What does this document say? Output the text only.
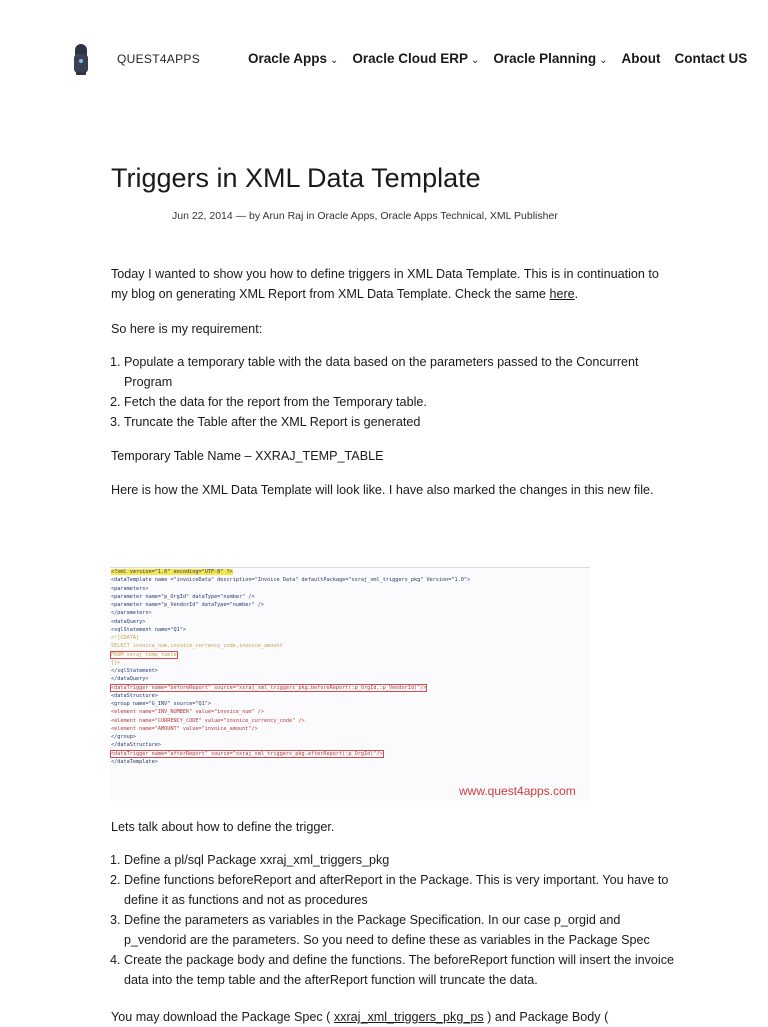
QUEST4APPS	Oracle Apps ⌄ Oracle Cloud ERP ⌄ Oracle Planning ⌄ About Contact US
Triggers in XML Data Template
Jun 22, 2014 — by Arun Raj in Oracle Apps, Oracle Apps Technical, XML Publisher

Today I wanted to show you how to define triggers in XML Data Template. This is in continuation to my blog on generating XML Report from XML Data Template. Check the same here.

So here is my requirement:

1. Populate a temporary table with the data based on the parameters passed to the Concurrent Program
2. Fetch the data for the report from the Temporary table.
3. Truncate the Table after the XML Report is generated

Temporary Table Name – XXRAJ_TEMP_TABLE

Here is how the XML Data Template will look like. I have also marked the changes in this new file.

Lets talk about how to define the trigger.

1. Define a pl/sql Package xxraj_xml_triggers_pkg
2. Define functions beforeReport and afterReport in the Package. This is very important. You have to define it as functions and not as procedures
3. Define the parameters as variables in the Package Specification. In our case p_orgid and p_vendorid are the parameters. So you need to define these as variables in the Package Spec
4. Create the package body and define the functions. The beforeReport function will insert the invoice data into the temp table and the afterReport function will truncate the data.

You may download the Package Spec ( xxraj_xml_triggers_pkg_ps ) and Package Body (

<?xml version="1.0" encoding="UTF-8" ?>
<dataTemplate name ="invoiceData" description="Invoice Data" defaultPackage="xxraj_xml_triggers_pkg" Version="1.0">
<parameters>
<parameter name="p_OrgId" dataType="number" />
<parameter name="p_VendorId" dataType="number" />
</parameters>
<dataQuery>
<sqlStatement name="Q1">
<![CDATA[
SELECT invoice_num,invoice_currency_code,invoice_amount
FROM xxraj_temp_table
]]>
</sqlStatement>
</dataQuery>
<dataTrigger name="beforeReport" source="xxraj_xml_triggers_pkg.beforeReport(:p_OrgId,:p_VendorId)"/>
<dataStructure>
<group name="G_INV" source="Q1">
<element name="INV_NUMBER" value="invoice_num" />
<element name="CURRENCY_CODE" value="invoice_currency_code" />
<element name="AMOUNT" value="invoice_amount"/>
</group>
</dataStructure>
<dataTrigger name="afterReport" source="xxraj_xml_triggers_pkg.afterReport(:p_OrgId)"/>
</dataTemplate>
www.quest4apps.com
